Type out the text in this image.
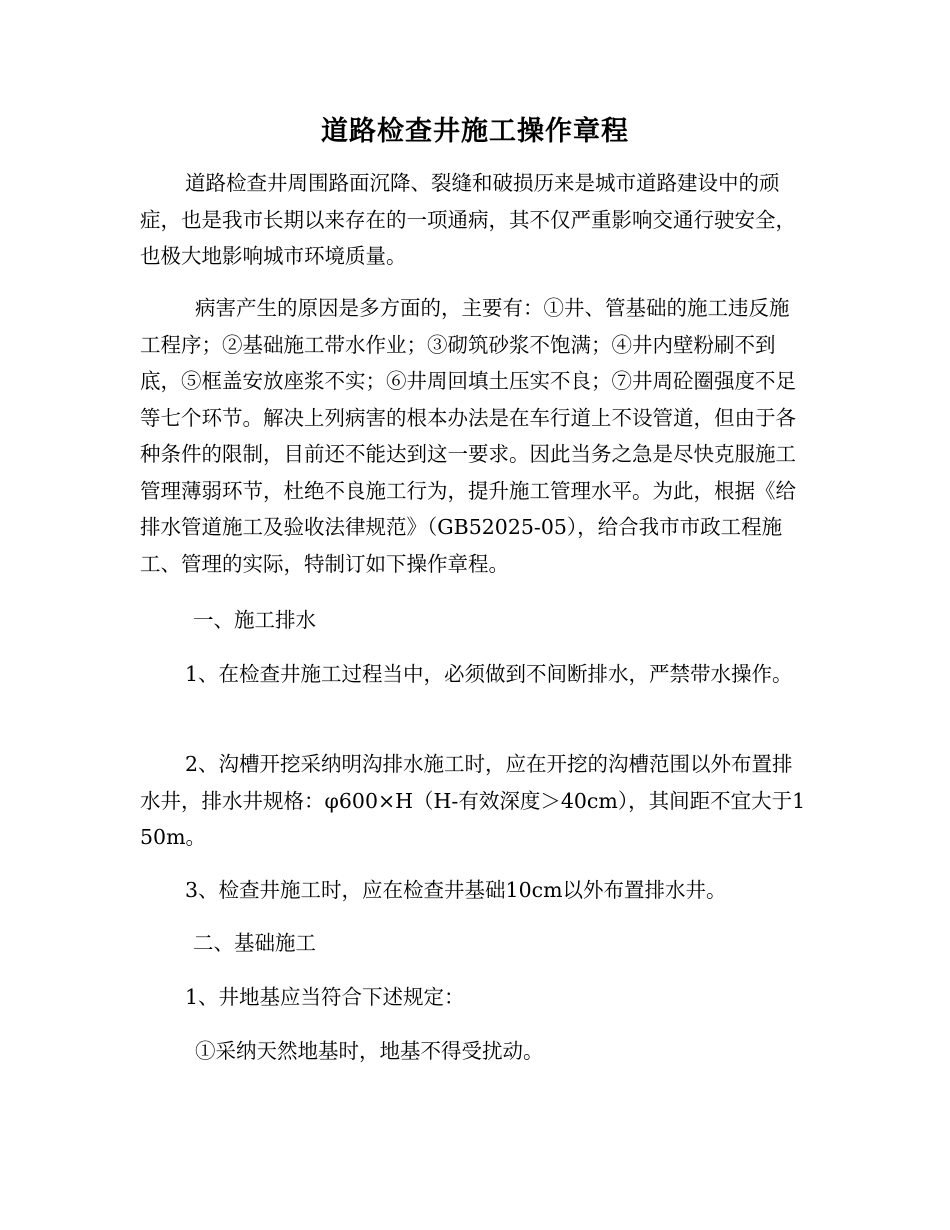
道路检查井施工操作章程

道路检查井周围路面沉降、裂缝和破损历来是城市道路建设中的顽症，也是我市长期以来存在的一项通病，其不仅严重影响交通行驶安全，也极大地影响城市环境质量。

病害产生的原因是多方面的，主要有：①井、管基础的施工违反施工程序；②基础施工带水作业；③砌筑砂浆不饱满；④井内壁粉刷不到底，⑤框盖安放座浆不实；⑥井周回填土压实不良；⑦井周砼圈强度不足等七个环节。解决上列病害的根本办法是在车行道上不设管道，但由于各种条件的限制，目前还不能达到这一要求。因此当务之急是尽快克服施工管理薄弱环节，杜绝不良施工行为，提升施工管理水平。为此，根据《给排水管道施工及验收法律规范》（GB52025-05），给合我市市政工程施工、管理的实际，特制订如下操作章程。

一、施工排水

1、在检查井施工过程当中，必须做到不间断排水，严禁带水操作。

2、沟槽开挖采纳明沟排水施工时，应在开挖的沟槽范围以外布置排水井，排水井规格：φ600×H（H-有效深度＞40cm），其间距不宜大于150m。

3、检查井施工时，应在检查井基础10cm以外布置排水井。

二、基础施工

1、井地基应当符合下述规定：

①采纳天然地基时，地基不得受扰动。
